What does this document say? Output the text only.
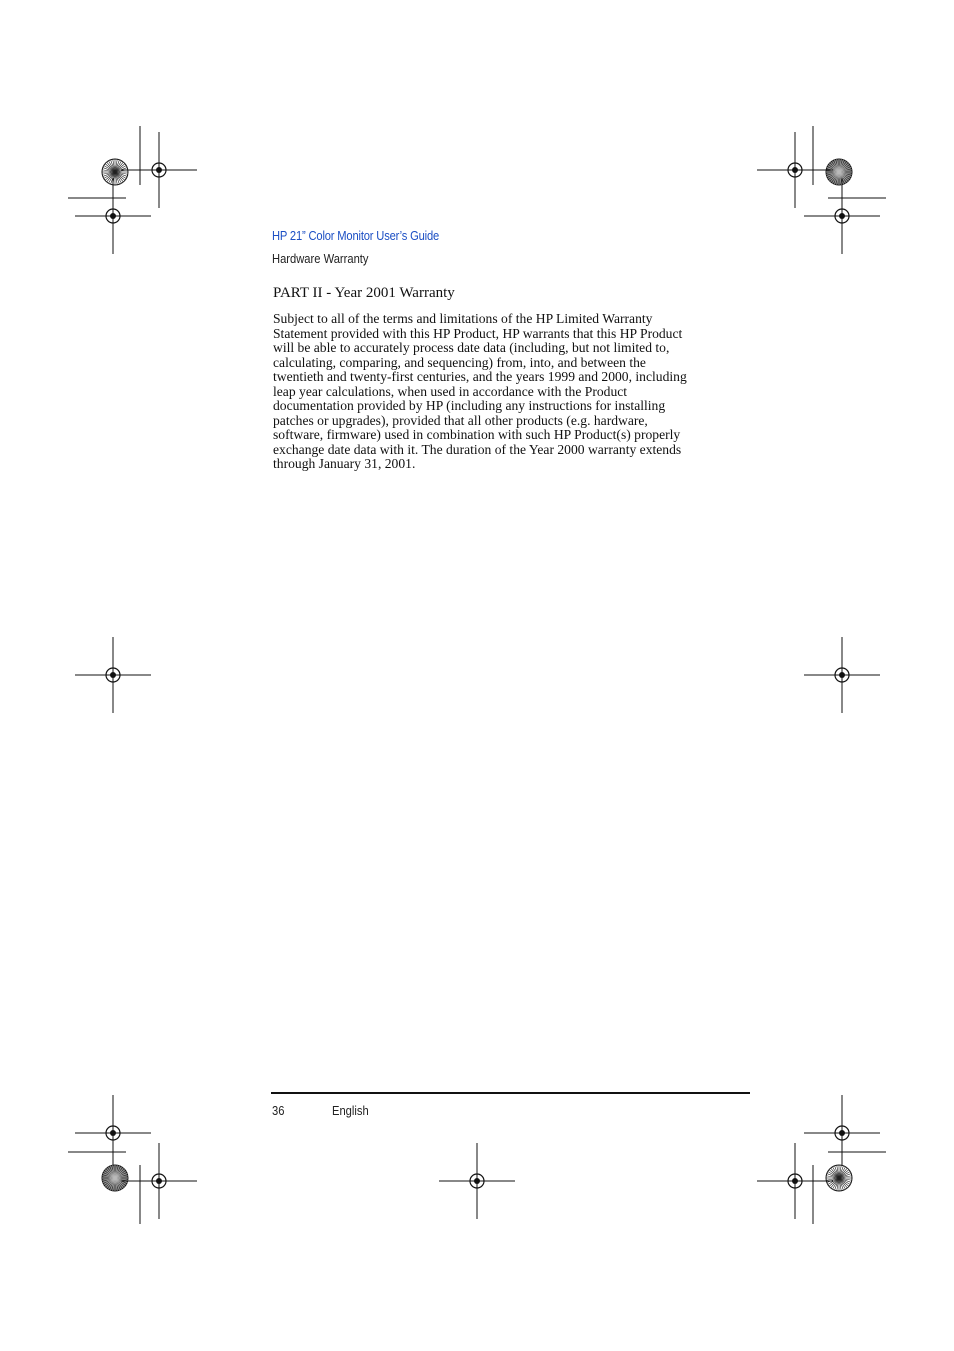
HP 21” Color Monitor User’s Guide
Hardware Warranty
PART II - Year 2001 Warranty
Subject to all of the terms and limitations of the HP Limited Warranty
Statement provided with this HP Product, HP warrants that this HP Product
will be able to accurately process date data (including, but not limited to,
calculating, comparing, and sequencing) from, into, and between the
twentieth and twenty-first centuries, and the years 1999 and 2000, including
leap year calculations, when used in accordance with the Product
documentation provided by HP (including any instructions for installing
patches or upgrades), provided that all other products (e.g. hardware,
software, firmware) used in combination with such HP Product(s) properly
exchange date data with it. The duration of the Year 2000 warranty extends
through January 31, 2001.
36	English
